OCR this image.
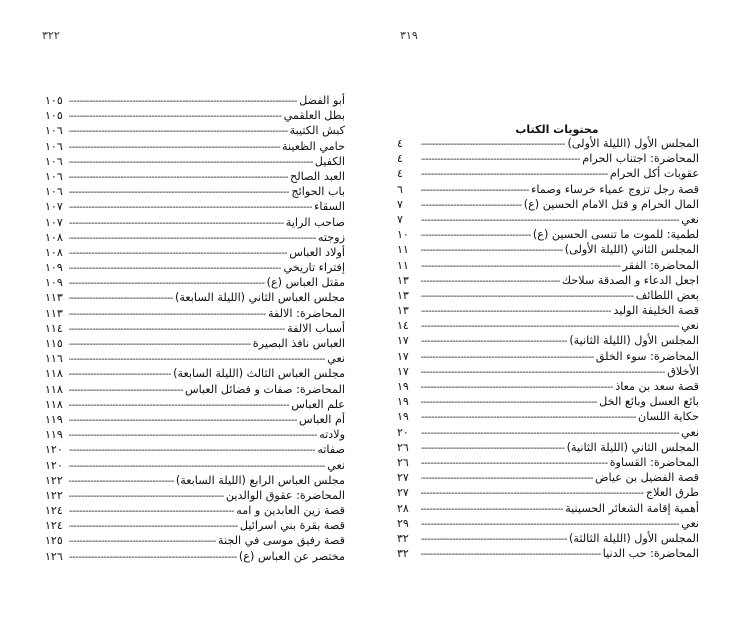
٣٢٢
أبو الفضل
-----
١٠٥
بطل العلقمي
-----
١٠٥
كبش الكتيبة
-----
١٠٦
حامي الظعينة
-----
١٠٦
الكفيل
-----
١٠٦
العبد الصالح
-----
١٠٦
باب الحوائج
-----
١٠٦
السقاء
-----
١٠٧
صاحب الراية
-----
١٠٧
زوجته
-----
١٠٨
أولاد العباس
-----
١٠٨
إفتراء تاريخي
-----
١٠٩
مقتل العباس (ع)
-----
١٠٩
مجلس العباس الثاني (الليلة السابعة)
-----
١١٣
المحاضرة: الالفة
-----
١١٣
أسباب الالفة
-----
١١٤
العباس نافذ البصيرة
-----
١١٥
نعي
-----
١١٦
مجلس العباس الثالث (الليلة السابعة)
-----
١١٨
المحاضرة: صفات و فضائل العباس
-----
١١٨
علم العباس
-----
١١٨
أم العباس
-----
١١٩
ولادته
-----
١١٩
صفاته
-----
١٢٠
نعي
-----
١٢٠
مجلس العباس الرابع (الليلة السابعة)
-----
١٢٢
المحاضرة: عقوق الوالدين
-----
١٢٢
قصة زين العابدين و امه
-----
١٢٤
قصة بقرة بني اسرائيل
-----
١٢٤
قصة رفيق موسى في الجنة
-----
١٢٥
مختصر عن العباس (ع)
-----
١٢٦
٣١٩
محتويات الكتاب
المجلس الأول (الليلة الأولى)
-----
٤
المحاضرة: اجتناب الحرام
-----
٤
عقوبات أكل الحرام
-----
٤
قصة رجل تزوج عمياء خرساء وصماء
-----
٦
المال الحرام و قتل الامام الحسين (ع)
-----
٧
نعي
-----
٧
لطمية: للموت ما تنسى الحسين (ع)
-----
١٠
المجلس الثاني (الليلة الأولى)
-----
١١
المحاضرة: الفقر
-----
١١
اجعل الدعاء و الصدقة سلاحك
-----
١٣
بعض اللطائف
-----
١٣
قصة الخليفة الوليد
-----
١٣
نعي
-----
١٤
المجلس الأول (الليلة الثانية)
-----
١٧
المحاضرة: سوء الخلق
-----
١٧
الأخلاق
-----
١٧
قصة سعد بن معاذ
-----
١٩
بائع العسل وبائع الخل
-----
١٩
حكاية اللسان
-----
١٩
نعي
-----
٢٠
المجلس الثاني (الليلة الثانية)
-----
٢٦
المحاضرة: القساوة
-----
٢٦
قصة الفضيل بن عياض
-----
٢٧
طرق العلاج
-----
٢٧
أهمية إقامة الشعائر الحسينية
-----
٢٨
نعي
-----
٢٩
المجلس الأول (الليلة الثالثة)
-----
٣٢
المحاضرة: حب الدنيا
-----
٣٢
